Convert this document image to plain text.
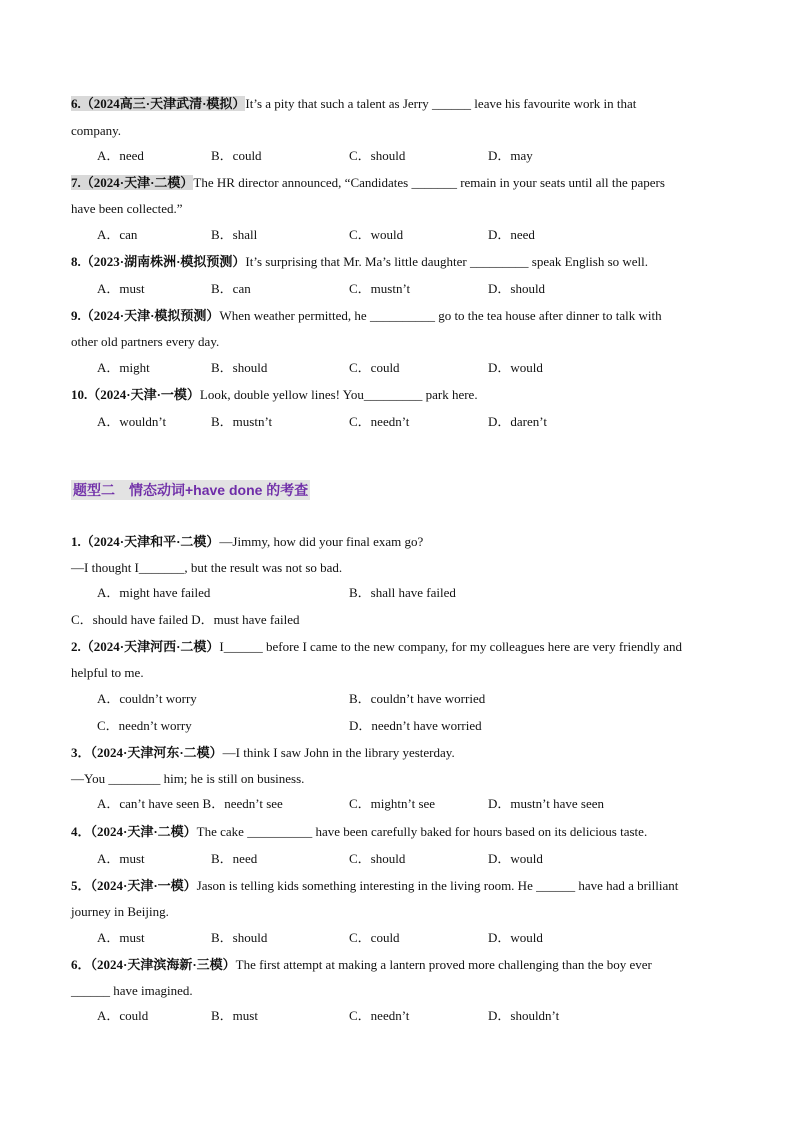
6.（2024高三·天津武清·模拟）It’s a pity that such a talent as Jerry ______ leave his favourite work in that
company.
A．need	B．could	C．should	D．may
7.（2024·天津·二模）The HR director announced, “Candidates _______ remain in your seats until all the papers
have been collected.”
A．can	B．shall	C．would	D．need
8.（2023·湖南株洲·模拟预测）It’s surprising that Mr. Ma’s little daughter _________ speak English so well.
A．must	B．can	C．mustn’t	D．should
9.（2024·天津·模拟预测）When weather permitted, he __________ go to the tea house after dinner to talk with
other old partners every day.
A．might	B．should	C．could	D．would
10.（2024·天津·一模）Look, double yellow lines! You_________ park here.
A．wouldn’t	B．mustn’t	C．needn’t	D．daren’t
题型二　情态动词+have done 的考查
1.（2024·天津和平·二模）—Jimmy, how did your final exam go?
—I thought I_______, but the result was not so bad.
A．might have failed	B．shall have failed
C．should have failed D．must have failed
2.（2024·天津河西·二模）I______ before I came to the new company, for my colleagues here are very friendly and
helpful to me.
A．couldn’t worry	B．couldn’t have worried
C．needn’t worry	D．needn’t have worried
3．（2024·天津河东·二模）—I think I saw John in the library yesterday.
—You ________ him; he is still on business.
A．can’t have seen B．needn’t see	C．mightn’t see	D．mustn’t have seen
4．（2024·天津·二模）The cake __________ have been carefully baked for hours based on its delicious taste.
A．must	B．need	C．should	D．would
5．（2024·天津·一模）Jason is telling kids something interesting in the living room. He ______ have had a brilliant
journey in Beijing.
A．must	B．should	C．could	D．would
6．（2024·天津滨海新·三模）The first attempt at making a lantern proved more challenging than the boy ever
______ have imagined.
A．could	B．must	C．needn’t	D．shouldn’t
